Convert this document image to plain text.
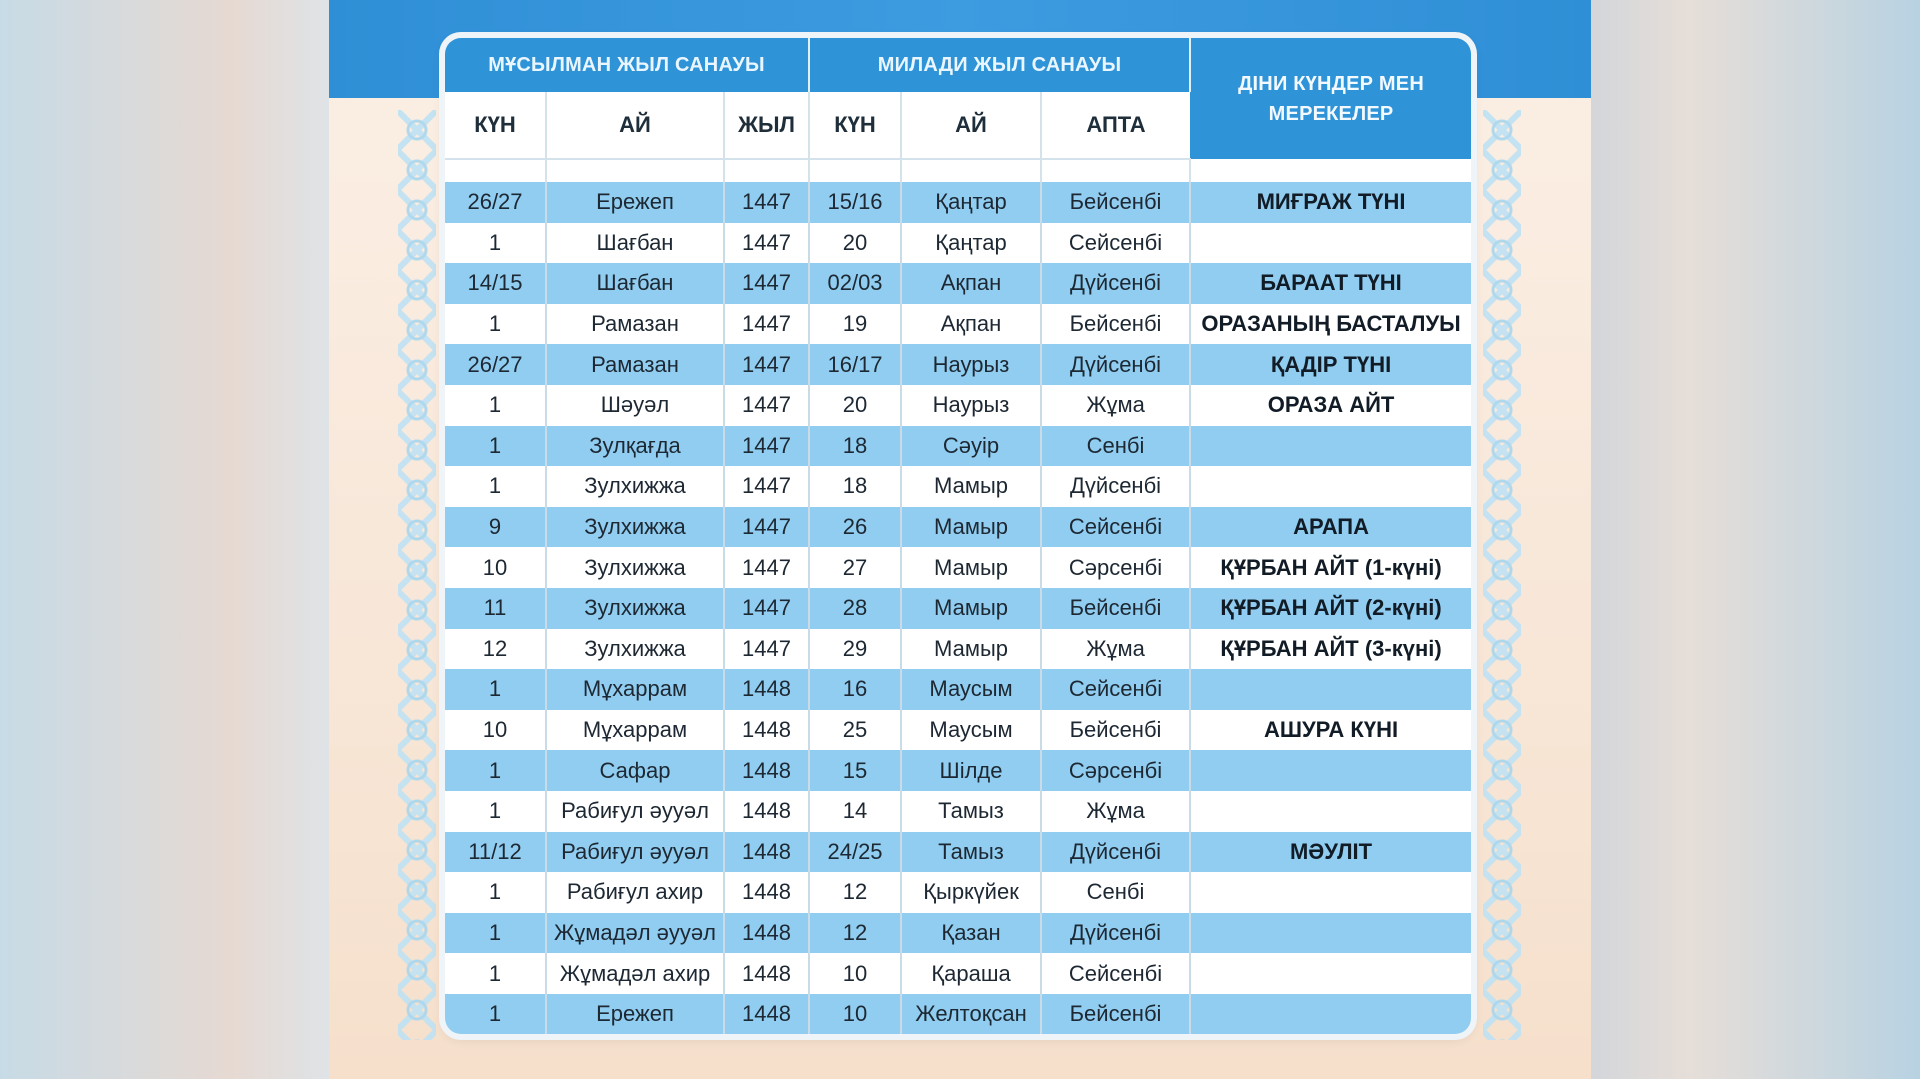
МҰСЫЛМАН ЖЫЛ САНАУЫ			МИЛАДИ ЖЫЛ САНАУЫ			ДІНИ КҮНДЕР МЕН МЕРЕКЕЛЕР
КҮН	АЙ	ЖЫЛ	КҮН	АЙ	АПТА	

26/27	Ережеп	1447	15/16	Қаңтар	Бейсенбі	МИҒРАЖ ТҮНІ
1	Шағбан	1447	20	Қаңтар	Сейсенбі	
14/15	Шағбан	1447	02/03	Ақпан	Дүйсенбі	БАРААТ ТҮНІ
1	Рамазан	1447	19	Ақпан	Бейсенбі	ОРАЗАНЫҢ БАСТАЛУЫ
26/27	Рамазан	1447	16/17	Наурыз	Дүйсенбі	ҚАДІР ТҮНІ
1	Шәуәл	1447	20	Наурыз	Жұма	ОРАЗА АЙТ
1	Зулқағда	1447	18	Сәуір	Сенбі	
1	Зулхижжа	1447	18	Мамыр	Дүйсенбі	
9	Зулхижжа	1447	26	Мамыр	Сейсенбі	АРАПА
10	Зулхижжа	1447	27	Мамыр	Сәрсенбі	ҚҰРБАН АЙТ (1-күні)
11	Зулхижжа	1447	28	Мамыр	Бейсенбі	ҚҰРБАН АЙТ (2-күні)
12	Зулхижжа	1447	29	Мамыр	Жұма	ҚҰРБАН АЙТ (3-күні)
1	Мұхаррам	1448	16	Маусым	Сейсенбі	
10	Мұхаррам	1448	25	Маусым	Бейсенбі	АШУРА КҮНІ
1	Сафар	1448	15	Шілде	Сәрсенбі	
1	Рабиғул әууәл	1448	14	Тамыз	Жұма	
11/12	Рабиғул әууәл	1448	24/25	Тамыз	Дүйсенбі	МӘУЛІТ
1	Рабиғул ахир	1448	12	Қыркүйек	Сенбі	
1	Жұмадәл әууәл	1448	12	Қазан	Дүйсенбі	
1	Жұмадәл ахир	1448	10	Қараша	Сейсенбі	
1	Ережеп	1448	10	Желтоқсан	Бейсенбі	
